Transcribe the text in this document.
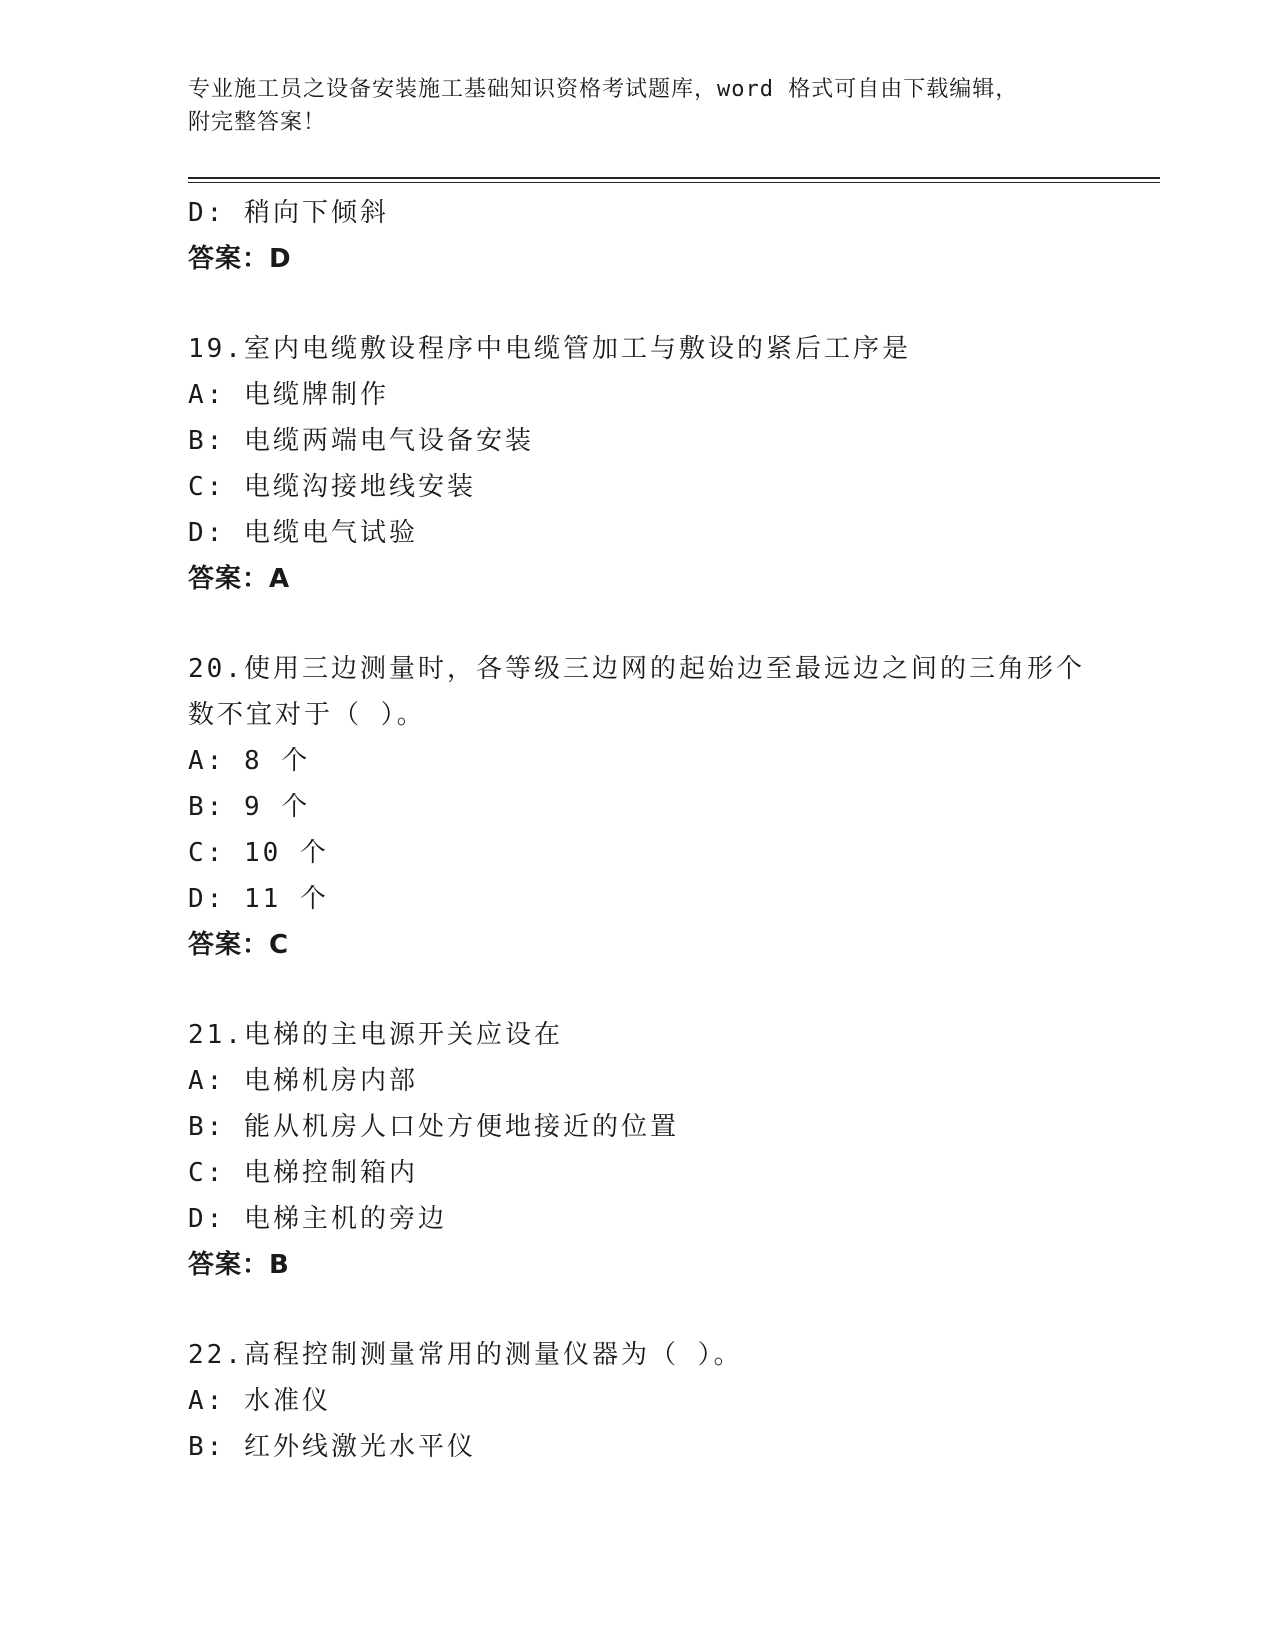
专业施工员之设备安装施工基础知识资格考试题库，word 格式可自由下载编辑，
附完整答案！
D: 稍向下倾斜
答案：D
19.室内电缆敷设程序中电缆管加工与敷设的紧后工序是
A: 电缆牌制作
B: 电缆两端电气设备安装
C: 电缆沟接地线安装
D: 电缆电气试验
答案：A
20.使用三边测量时，各等级三边网的起始边至最远边之间的三角形个
数不宜对于（ ）。
A: 8 个
B: 9 个
C: 10 个
D: 11 个
答案：C
21.电梯的主电源开关应设在
A: 电梯机房内部
B: 能从机房人口处方便地接近的位置
C: 电梯控制箱内
D: 电梯主机的旁边
答案：B
22.高程控制测量常用的测量仪器为（ ）。
A: 水准仪
B: 红外线激光水平仪
